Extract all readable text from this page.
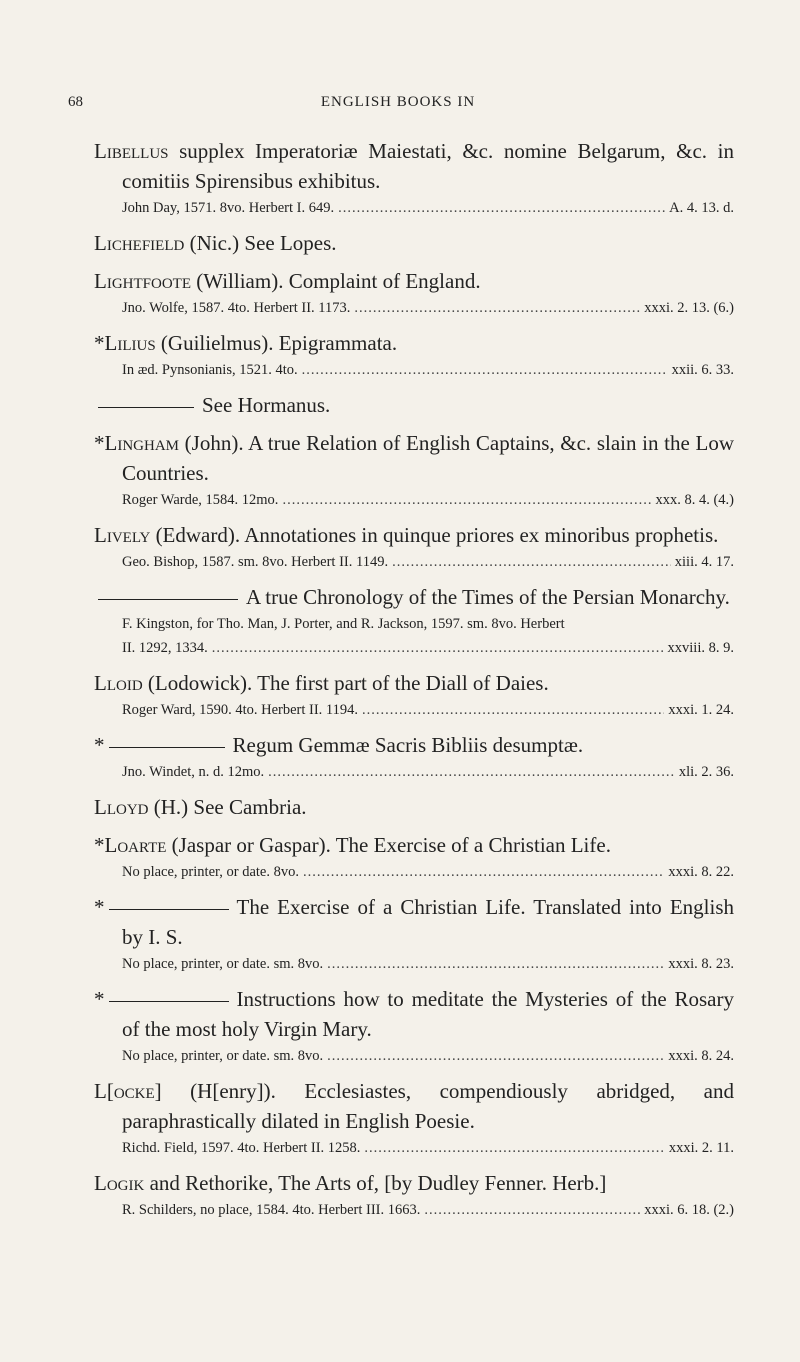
68	ENGLISH BOOKS IN
Libellus supplex Imperatoriæ Maiestati, &c. nomine Belgarum, &c. in comitiis Spirensibus exhibitus.
John Day, 1571. 8vo. Herbert I. 649. .....	A. 4. 13. d.
Lichefield (Nic.) See Lopes.
Lightfoote (William). Complaint of England.
Jno. Wolfe, 1587. 4to. Herbert II. 1173. .....	xxxi. 2. 13. (6.)
*Lilius (Guilielmus). Epigrammata.
In æd. Pynsonianis, 1521. 4to. .....	xxii. 6. 33.
See Hormanus.
*Lingham (John). A true Relation of English Captains, &c. slain in the Low Countries.
Roger Warde, 1584. 12mo. .....	xxx. 8. 4. (4.)
Lively (Edward). Annotationes in quinque priores ex minoribus prophetis.
Geo. Bishop, 1587. sm. 8vo. Herbert II. 1149. .....	xiii. 4. 17.
A true Chronology of the Times of the Persian Monarchy.
F. Kingston, for Tho. Man, J. Porter, and R. Jackson, 1597. sm. 8vo. Herbert
II. 1292, 1334. .....	xxviii. 8. 9.
Lloid (Lodowick). The first part of the Diall of Daies.
Roger Ward, 1590. 4to. Herbert II. 1194. .....	xxxi. 1. 24.
*	Regum Gemmæ Sacris Bibliis desumptæ.
Jno. Windet, n. d. 12mo. .....	xli. 2. 36.
Lloyd (H.) See Cambria.
*Loarte (Jaspar or Gaspar). The Exercise of a Christian Life.
No place, printer, or date. 8vo. .....	xxxi. 8. 22.
*	The Exercise of a Christian Life. Translated into English by I. S.
No place, printer, or date. sm. 8vo. .....	xxxi. 8. 23.
*	Instructions how to meditate the Mysteries of the Rosary of the most holy Virgin Mary.
No place, printer, or date. sm. 8vo. .....	xxxi. 8. 24.
L[ocke] (H[enry]). Ecclesiastes, compendiously abridged, and paraphrastically dilated in English Poesie.
Richd. Field, 1597. 4to. Herbert II. 1258. .....	xxxi. 2. 11.
Logik and Rethorike, The Arts of, [by Dudley Fenner. Herb.]
R. Schilders, no place, 1584. 4to. Herbert III. 1663. .....	xxxi. 6. 18. (2.)
